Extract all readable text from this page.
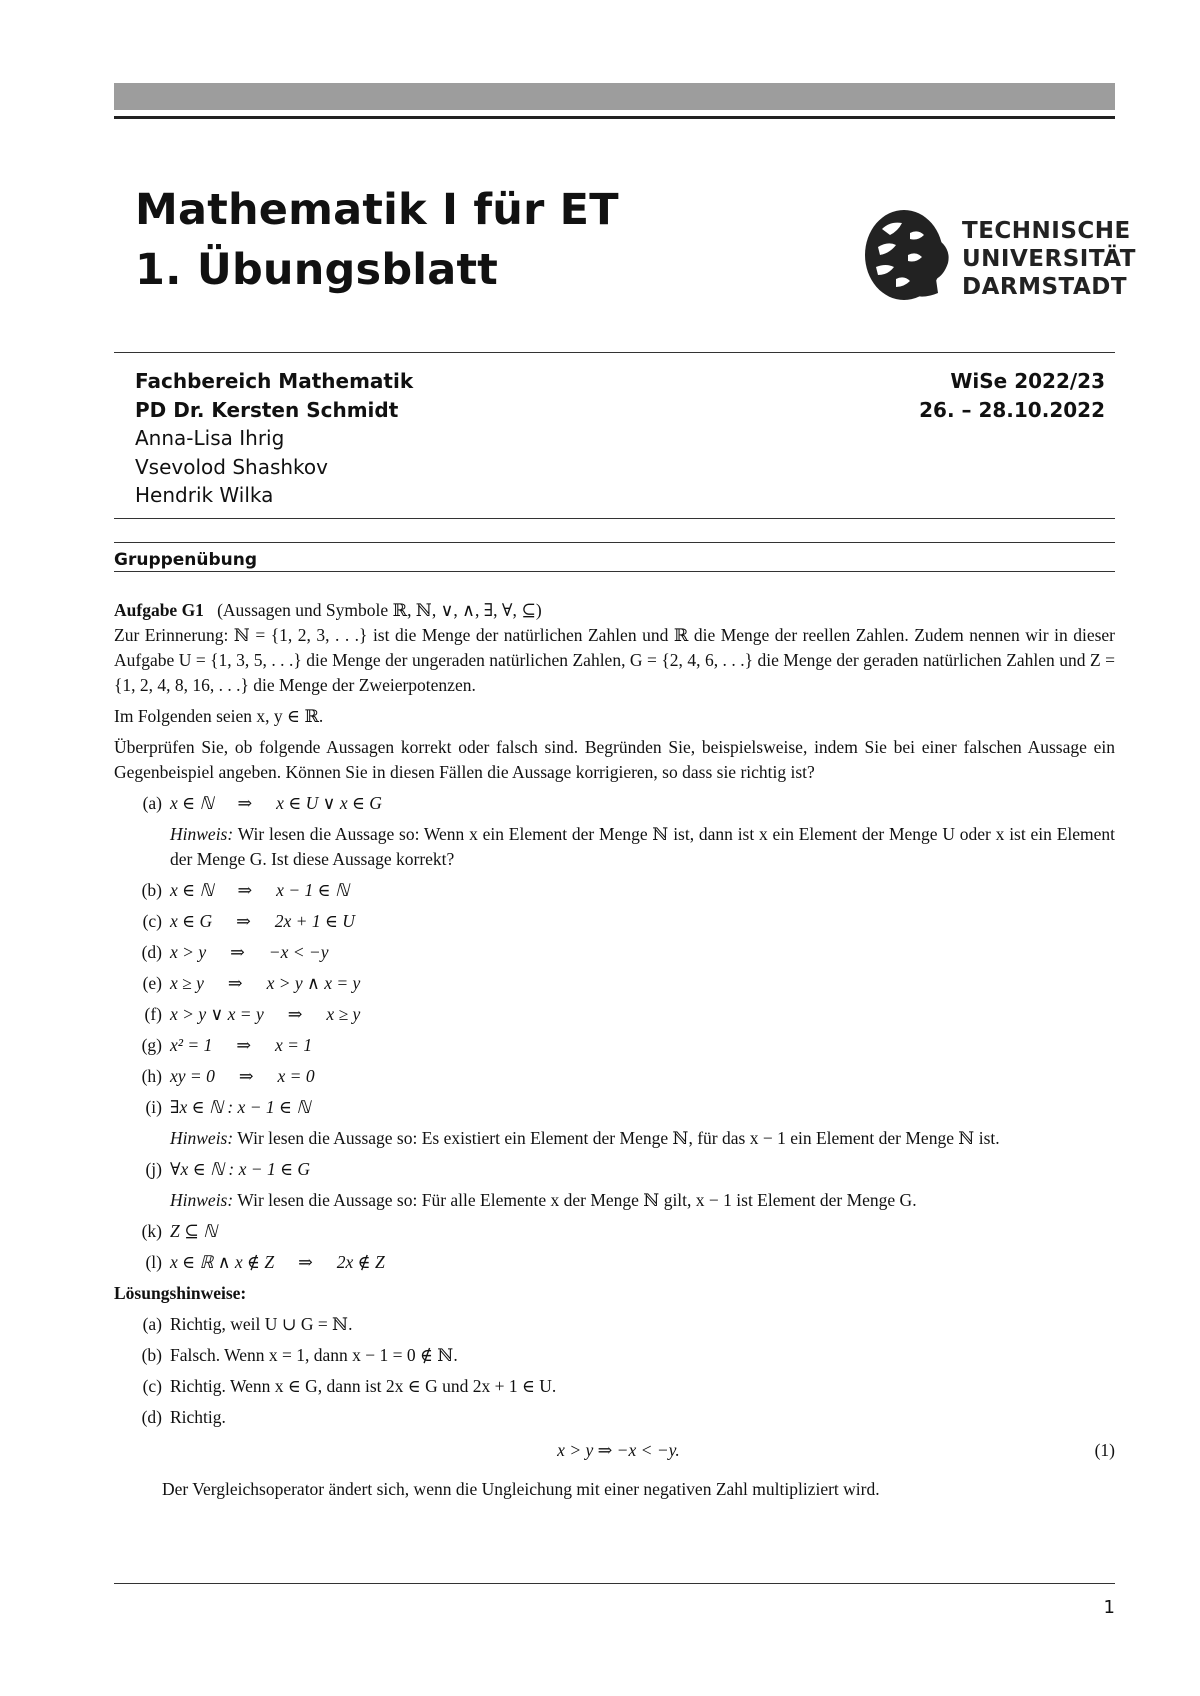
Mathematik I für ET
1. Übungsblatt
TECHNISCHE
UNIVERSITÄT
DARMSTADT
Fachbereich Mathematik
PD Dr. Kersten Schmidt
Anna-Lisa Ihrig
Vsevolod Shashkov
Hendrik Wilka
WiSe 2022/23
26. – 28.10.2022
Gruppenübung

Aufgabe G1 (Aussagen und Symbole ℝ, ℕ, ∨, ∧, ∃, ∀, ⊆)

Zur Erinnerung: ℕ = {1, 2, 3, . . .} ist die Menge der natürlichen Zahlen und ℝ die Menge der reellen Zahlen. Zudem nennen wir in dieser Aufgabe U = {1, 3, 5, . . .} die Menge der ungeraden natürlichen Zahlen, G = {2, 4, 6, . . .} die Menge der geraden natürlichen Zahlen und Z = {1, 2, 4, 8, 16, . . .} die Menge der Zweierpotenzen.

Im Folgenden seien x, y ∈ ℝ.

Überprüfen Sie, ob folgende Aussagen korrekt oder falsch sind. Begründen Sie, beispielsweise, indem Sie bei einer falschen Aussage ein Gegenbeispiel angeben. Können Sie in diesen Fällen die Aussage korrigieren, so dass sie richtig ist?

(a) x ∈ ℕ ⇒ x ∈ U ∨ x ∈ G
Hinweis: Wir lesen die Aussage so: Wenn x ein Element der Menge ℕ ist, dann ist x ein Element der Menge U oder x ist ein Element der Menge G. Ist diese Aussage korrekt?
(b) x ∈ ℕ ⇒ x − 1 ∈ ℕ
(c) x ∈ G ⇒ 2x + 1 ∈ U
(d) x > y ⇒ −x < −y
(e) x ≥ y ⇒ x > y ∧ x = y
(f) x > y ∨ x = y ⇒ x ≥ y
(g) x² = 1 ⇒ x = 1
(h) xy = 0 ⇒ x = 0
(i) ∃x ∈ ℕ : x − 1 ∈ ℕ
Hinweis: Wir lesen die Aussage so: Es existiert ein Element der Menge ℕ, für das x − 1 ein Element der Menge ℕ ist.
(j) ∀x ∈ ℕ : x − 1 ∈ G
Hinweis: Wir lesen die Aussage so: Für alle Elemente x der Menge ℕ gilt, x − 1 ist Element der Menge G.
(k) Z ⊆ ℕ
(l) x ∈ ℝ ∧ x ∉ Z ⇒ 2x ∉ Z

Lösungshinweise:

(a) Richtig, weil U ∪ G = ℕ.
(b) Falsch. Wenn x = 1, dann x − 1 = 0 ∉ ℕ.
(c) Richtig. Wenn x ∈ G, dann ist 2x ∈ G und 2x + 1 ∈ U.
(d) Richtig.
x > y ⇒ −x < −y.	(1)

Der Vergleichsoperator ändert sich, wenn die Ungleichung mit einer negativen Zahl multipliziert wird.

1
